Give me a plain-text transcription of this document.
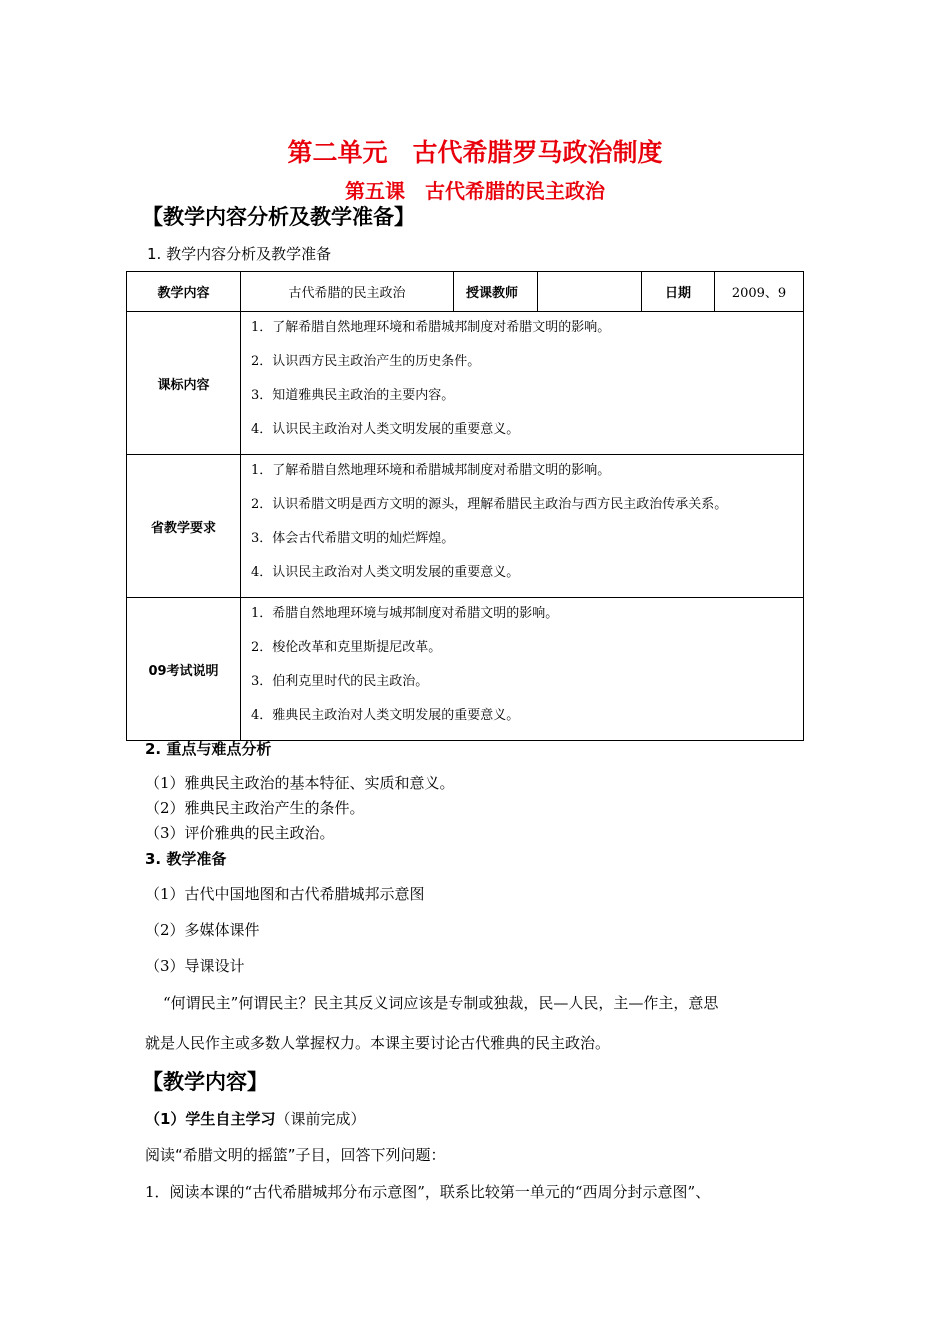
第二单元　古代希腊罗马政治制度
第五课　古代希腊的民主政治
【教学内容分析及教学准备】
1. 教学内容分析及教学准备
教学内容	古代希腊的民主政治	授课教师		日期	2009、9
课标内容	1．了解希腊自然地理环境和希腊城邦制度对希腊文明的影响。
2．认识西方民主政治产生的历史条件。
3．知道雅典民主政治的主要内容。
4．认识民主政治对人类文明发展的重要意义。				

省教学要求	1．了解希腊自然地理环境和希腊城邦制度对希腊文明的影响。
2．认识希腊文明是西方文明的源头，理解希腊民主政治与西方民主政治传承关系。
3．体会古代希腊文明的灿烂辉煌。
4．认识民主政治对人类文明发展的重要意义。				

09考试说明	1．希腊自然地理环境与城邦制度对希腊文明的影响。
2．梭伦改革和克里斯提尼改革。
3．伯利克里时代的民主政治。
4．雅典民主政治对人类文明发展的重要意义。				
2. 重点与难点分析
（1）雅典民主政治的基本特征、实质和意义。
（2）雅典民主政治产生的条件。
（3）评价雅典的民主政治。
3. 教学准备
（1）古代中国地图和古代希腊城邦示意图
（2）多媒体课件
（3）导课设计
“何谓民主”何谓民主？民主其反义词应该是专制或独裁，民—人民，主—作主，意思
就是人民作主或多数人掌握权力。本课主要讨论古代雅典的民主政治。
【教学内容】
（1）学生自主学习（课前完成）
阅读“希腊文明的摇篮”子目，回答下列问题：
1．阅读本课的“古代希腊城邦分布示意图”，联系比较第一单元的“西周分封示意图”、
